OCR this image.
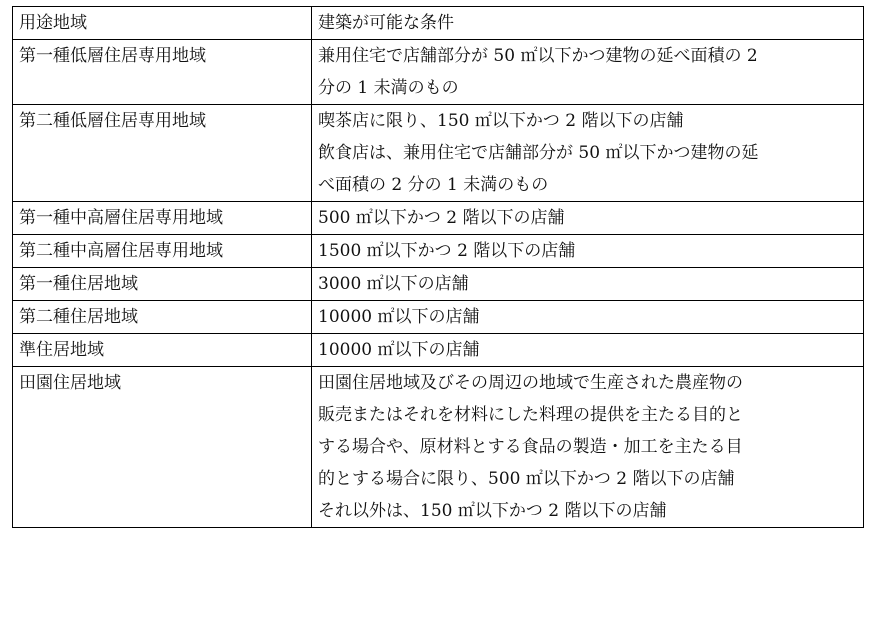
用途地域	建築が可能な条件
第一種低層住居専用地域	兼用住宅で店舗部分が 50 ㎡以下かつ建物の延べ面積の 2
分の 1 未満のもの

第二種低層住居専用地域	喫茶店に限り、150 ㎡以下かつ 2 階以下の店舗
飲食店は、兼用住宅で店舗部分が 50 ㎡以下かつ建物の延
べ面積の 2 分の 1 未満のもの

第一種中高層住居専用地域	500 ㎡以下かつ 2 階以下の店舗

第二種中高層住居専用地域	1500 ㎡以下かつ 2 階以下の店舗

第一種住居地域	3000 ㎡以下の店舗

第二種住居地域	10000 ㎡以下の店舗

準住居地域	10000 ㎡以下の店舗

田園住居地域	田園住居地域及びその周辺の地域で生産された農産物の
販売またはそれを材料にした料理の提供を主たる目的と
する場合や、原材料とする食品の製造・加工を主たる目
的とする場合に限り、500 ㎡以下かつ 2 階以下の店舗
それ以外は、150 ㎡以下かつ 2 階以下の店舗
